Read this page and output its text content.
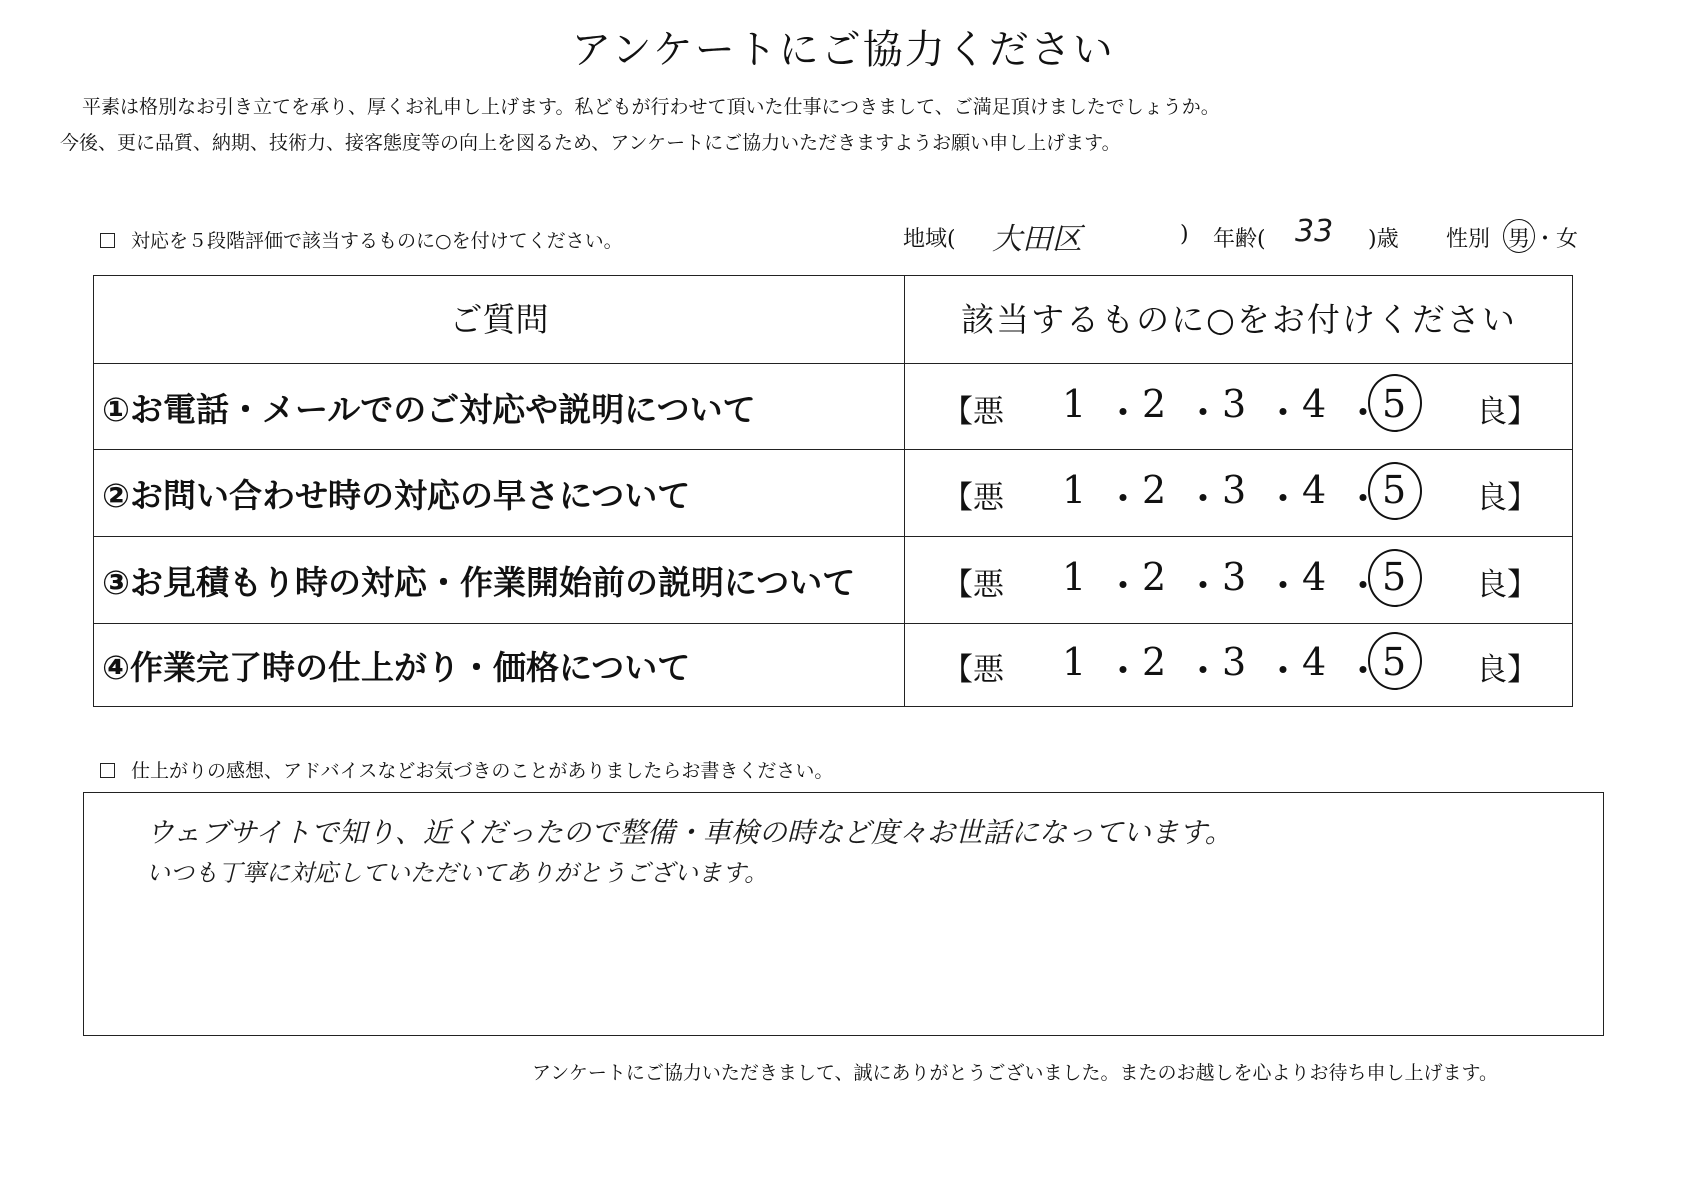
アンケートにご協力ください
平素は格別なお引き立てを承り、厚くお礼申し上げます。私どもが行わせて頂いた仕事につきまして、ご満足頂けましたでしょうか。
今後、更に品質、納期、技術力、接客態度等の向上を図るため、アンケートにご協力いただきますようお願い申し上げます。
対応を５段階評価で該当するものに○を付けてください。	地域( 大田区	) 年齢( 33 )歳 性別 男 ・ 女
ご質問	該当するものに○をお付けください
①お電話・メールでのご対応や説明について	【悪 1 ・ 2 ・ 3 ・ 4 ・ 5 良】
②お問い合わせ時の対応の早さについて	【悪 1 ・ 2 ・ 3 ・ 4 ・ 5 良】
③お見積もり時の対応・作業開始前の説明について	【悪 1 ・ 2 ・ 3 ・ 4 ・ 5 良】
④作業完了時の仕上がり・価格について	【悪 1 ・ 2 ・ 3 ・ 4 ・ 5 良】
仕上がりの感想、アドバイスなどお気づきのことがありましたらお書きください。
ウェブサイトで知り、近くだったので整備・車検の時など度々お世話になっています。
いつも丁寧に対応していただいてありがとうございます。
アンケートにご協力いただきまして、誠にありがとうございました。またのお越しを心よりお待ち申し上げます。
